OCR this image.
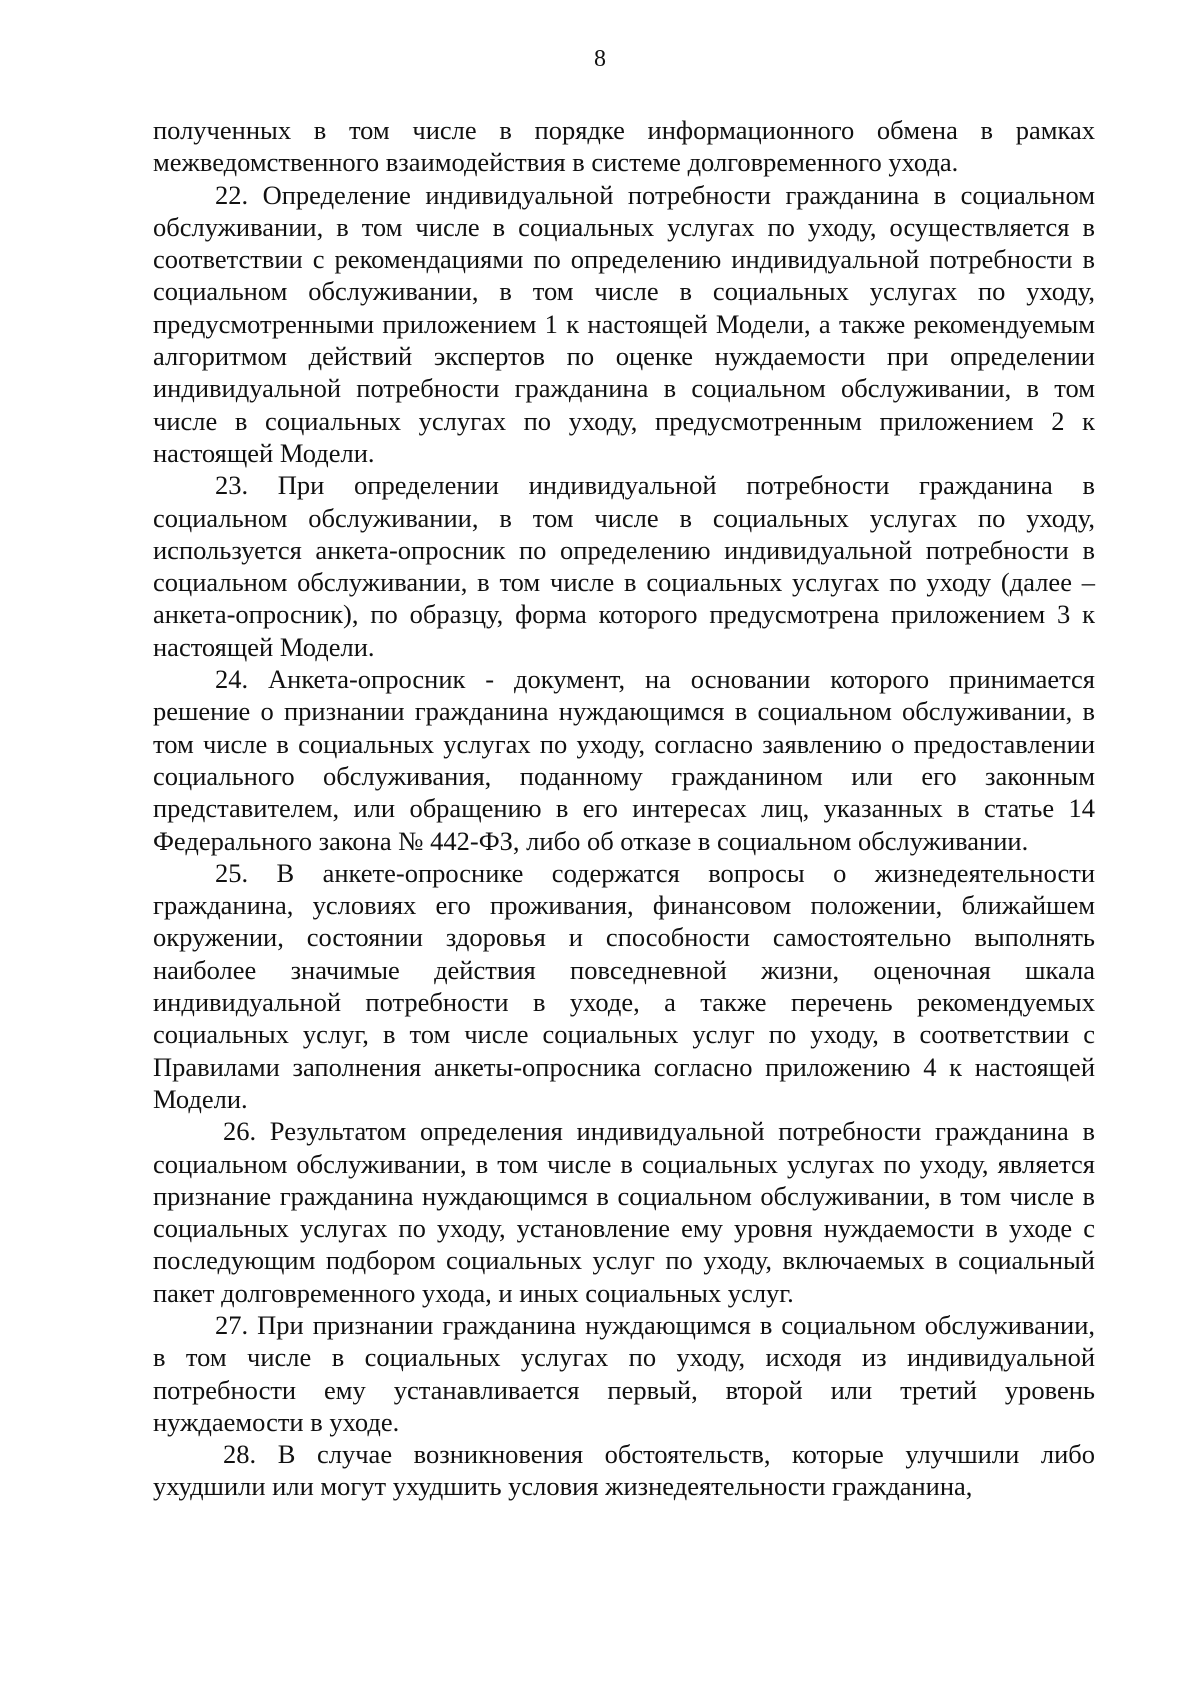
8

полученных в том числе в порядке информационного обмена в рамках межведомственного взаимодействия в системе долговременного ухода.

22. Определение индивидуальной потребности гражданина в социальном обслуживании, в том числе в социальных услугах по уходу, осуществляется в соответствии с рекомендациями по определению индивидуальной потребности в социальном обслуживании, в том числе в социальных услугах по уходу, предусмотренными приложением 1 к настоящей Модели, а также рекомендуемым алгоритмом действий экспертов по оценке нуждаемости при определении индивидуальной потребности гражданина в социальном обслуживании, в том числе в социальных услугах по уходу, предусмотренным приложением 2 к настоящей Модели.

23. При определении индивидуальной потребности гражданина в социальном обслуживании, в том числе в социальных услугах по уходу, используется анкета-опросник по определению индивидуальной потребности в социальном обслуживании, в том числе в социальных услугах по уходу (далее – анкета-опросник), по образцу, форма которого предусмотрена приложением 3 к настоящей Модели.

24. Анкета-опросник - документ, на основании которого принимается решение о признании гражданина нуждающимся в социальном обслуживании, в том числе в социальных услугах по уходу, согласно заявлению о предоставлении социального обслуживания, поданному гражданином или его законным представителем, или обращению в его интересах лиц, указанных в статье 14 Федерального закона № 442-ФЗ, либо об отказе в социальном обслуживании.

25. В анкете-опроснике содержатся вопросы о жизнедеятельности гражданина, условиях его проживания, финансовом положении, ближайшем окружении, состоянии здоровья и способности самостоятельно выполнять наиболее значимые действия повседневной жизни, оценочная шкала индивидуальной потребности в уходе, а также перечень рекомендуемых социальных услуг, в том числе социальных услуг по уходу, в соответствии с Правилами заполнения анкеты-опросника согласно приложению 4 к настоящей Модели.

26. Результатом определения индивидуальной потребности гражданина в социальном обслуживании, в том числе в социальных услугах по уходу, является признание гражданина нуждающимся в социальном обслуживании, в том числе в социальных услугах по уходу, установление ему уровня нуждаемости в уходе с последующим подбором социальных услуг по уходу, включаемых в социальный пакет долговременного ухода, и иных социальных услуг.

27. При признании гражданина нуждающимся в социальном обслуживании, в том числе в социальных услугах по уходу, исходя из индивидуальной потребности ему устанавливается первый, второй или третий уровень нуждаемости в уходе.

28. В случае возникновения обстоятельств, которые улучшили либо ухудшили или могут ухудшить условия жизнедеятельности гражданина,
